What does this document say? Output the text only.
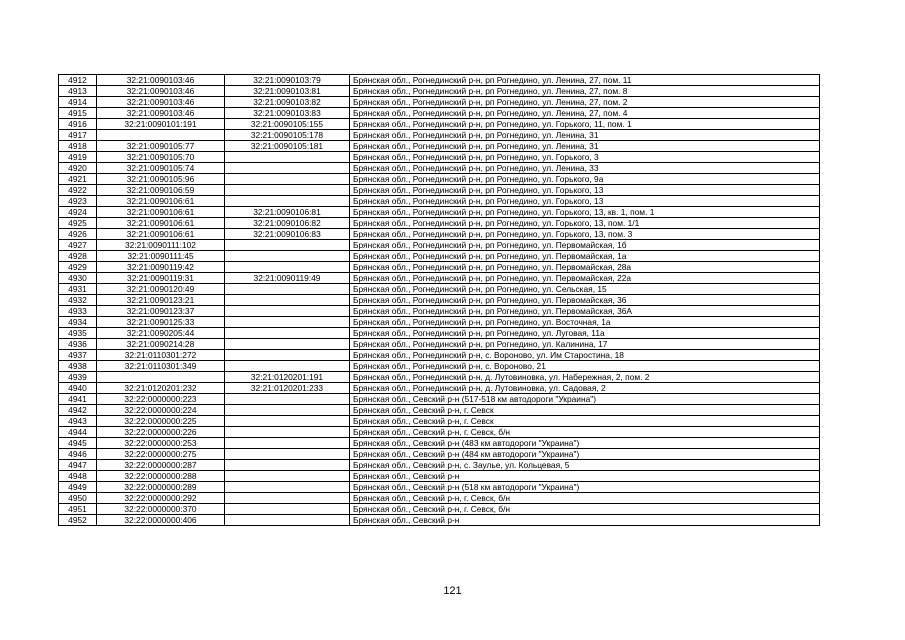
4912	32:21:0090103:46	32:21:0090103:79	Брянская обл., Рогнединский р-н, рп Рогнедино, ул. Ленина, 27, пом. 11
4913	32:21:0090103:46	32:21:0090103:81	Брянская обл., Рогнединский р-н, рп Рогнедино, ул. Ленина, 27, пом. 8
4914	32:21:0090103:46	32:21:0090103:82	Брянская обл., Рогнединский р-н, рп Рогнедино, ул. Ленина, 27, пом. 2
4915	32:21:0090103:46	32:21:0090103:83	Брянская обл., Рогнединский р-н, рп Рогнедино, ул. Ленина, 27, пом. 4
4916	32:21:0090101:191	32:21:0090105:155	Брянская обл., Рогнединский р-н, рп Рогнедино, ул. Горького, 11, пом. 1
4917		32:21:0090105:178	Брянская обл., Рогнединский р-н, рп Рогнедино, ул. Ленина, 31
4918	32:21:0090105:77	32:21:0090105:181	Брянская обл., Рогнединский р-н, рп Рогнедино, ул. Ленина, 31
4919	32:21:0090105:70		Брянская обл., Рогнединский р-н, рп Рогнедино, ул. Горького, 3
4920	32:21:0090105:74		Брянская обл., Рогнединский р-н, рп Рогнедино, ул. Ленина, 33
4921	32:21:0090105:96		Брянская обл., Рогнединский р-н, рп Рогнедино, ул. Горького, 9а
4922	32:21:0090106:59		Брянская обл., Рогнединский р-н, рп Рогнедино, ул. Горького, 13
4923	32:21:0090106:61		Брянская обл., Рогнединский р-н, рп Рогнедино, ул. Горького, 13
4924	32:21:0090106:61	32:21:0090106:81	Брянская обл., Рогнединский р-н, рп Рогнедино, ул. Горького, 13, кв. 1, пом. 1
4925	32:21:0090106:61	32:21:0090106:82	Брянская обл., Рогнединский р-н, рп Рогнедино, ул. Горького, 13, пом. 1/1
4926	32:21:0090106:61	32:21:0090106:83	Брянская обл., Рогнединский р-н, рп Рогнедино, ул. Горького, 13, пом. 3
4927	32:21:0090111:102		Брянская обл., Рогнединский р-н, рп Рогнедино, ул. Первомайская, 1б
4928	32:21:0090111:45		Брянская обл., Рогнединский р-н, рп Рогнедино, ул. Первомайская, 1а
4929	32:21:0090119:42		Брянская обл., Рогнединский р-н, рп Рогнедино, ул. Первомайская, 28а
4930	32:21:0090119:31	32:21:0090119:49	Брянская обл., Рогнединский р-н, рп Рогнедино, ул. Первомайская, 22а
4931	32:21:0090120:49		Брянская обл., Рогнединский р-н, рп Рогнедино, ул. Сельская, 15
4932	32:21:0090123:21		Брянская обл., Рогнединский р-н, рп Рогнедино, ул. Первомайская, 36
4933	32:21:0090123:37		Брянская обл., Рогнединский р-н, рп Рогнедино, ул. Первомайская, 36А
4934	32:21:0090125:33		Брянская обл., Рогнединский р-н, рп Рогнедино, ул. Восточная, 1а
4935	32:21:0090205:44		Брянская обл., Рогнединский р-н, рп Рогнедино, ул. Луговая, 11а
4936	32:21:0090214:28		Брянская обл., Рогнединский р-н, рп Рогнедино, ул. Калинина, 17
4937	32:21:0110301:272		Брянская обл., Рогнединский р-н, с. Вороново, ул. Им Старостина, 18
4938	32:21:0110301:349		Брянская обл., Рогнединский р-н, с. Вороново, 21
4939		32:21:0120201:191	Брянская обл., Рогнединский р-н, д. Лутовиновка, ул. Набережная, 2, пом. 2
4940	32:21:0120201:232	32:21:0120201:233	Брянская обл., Рогнединский р-н, д. Лутовиновка, ул. Садовая, 2
4941	32:22:0000000:223		Брянская обл., Севский р-н (517-518 км автодороги "Украина")
4942	32:22:0000000:224		Брянская обл., Севский р-н, г. Севск
4943	32:22:0000000:225		Брянская обл., Севский р-н, г. Севск
4944	32:22:0000000:226		Брянская обл., Севский р-н, г. Севск, б/н
4945	32:22:0000000:253		Брянская обл., Севский р-н (483 км автодороги "Украина")
4946	32:22:0000000:275		Брянская обл., Севский р-н (484 км автодороги "Украина")
4947	32:22:0000000:287		Брянская обл., Севский р-н, с. Заулье, ул. Кольцевая, 5
4948	32:22:0000000:288		Брянская обл., Севский р-н
4949	32:22:0000000:289		Брянская обл., Севский р-н (518 км автодороги "Украина")
4950	32:22:0000000:292		Брянская обл., Севский р-н, г. Севск, б/н
4951	32:22:0000000:370		Брянская обл., Севский р-н, г. Севск, б/н
4952	32:22:0000000:406		Брянская обл., Севский р-н
121
